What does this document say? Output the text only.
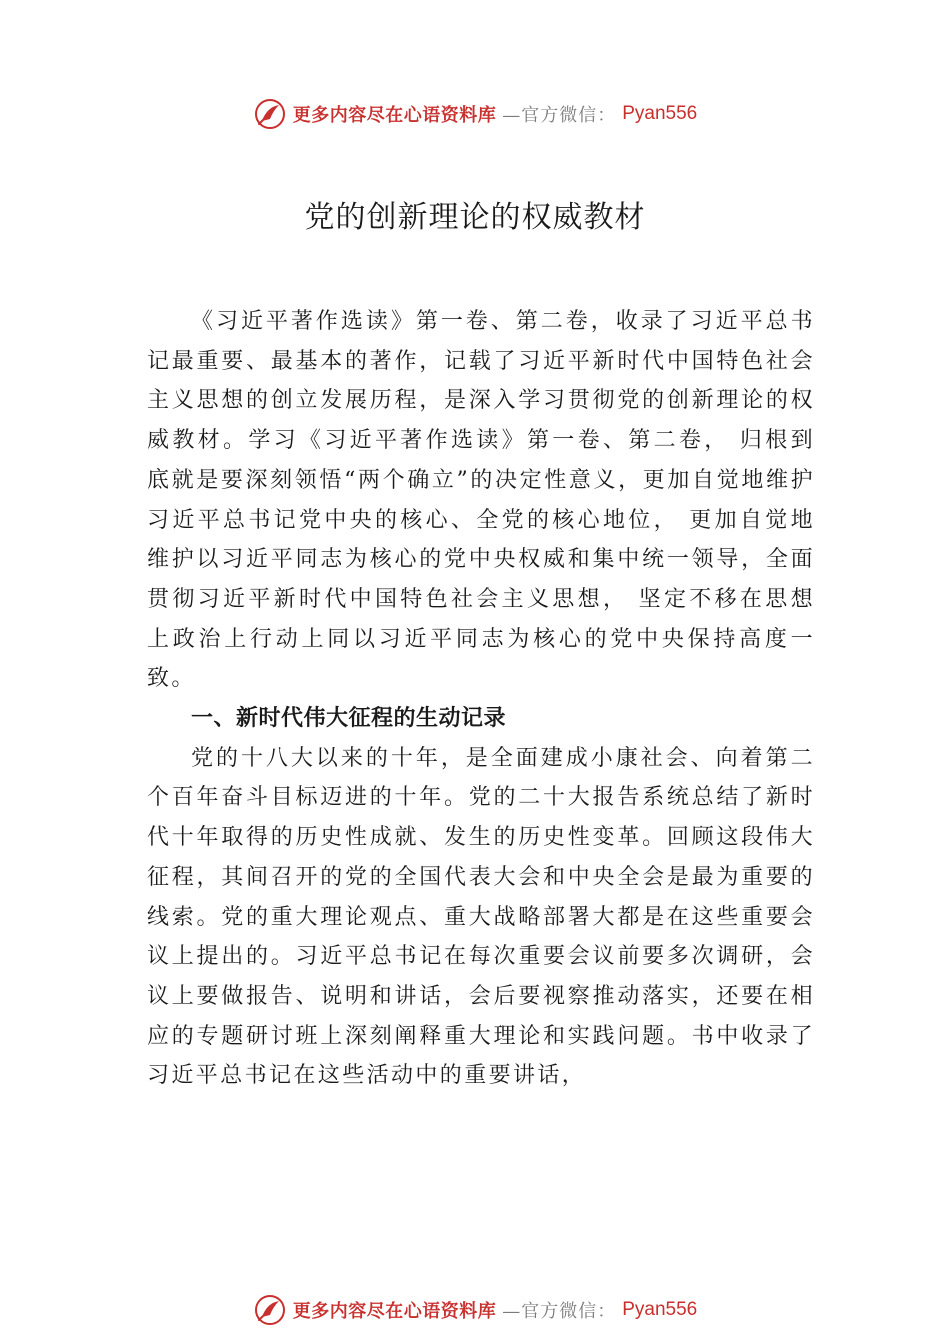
更多内容尽在心语资料库 —官方微信： Pyan556
党的创新理论的权威教材

《习近平著作选读》第一卷、第二卷，收录了习近平总书记最重要、最基本的著作，记载了习近平新时代中国特色社会主义思想的创立发展历程，是深入学习贯彻党的创新理论的权威教材。学习《习近平著作选读》第一卷、第二卷， 归根到底就是要深刻领悟“两个确立”的决定性意义，更加自觉地维护习近平总书记党中央的核心、全党的核心地位， 更加自觉地维护以习近平同志为核心的党中央权威和集中统一领导，全面贯彻习近平新时代中国特色社会主义思想， 坚定不移在思想上政治上行动上同以习近平同志为核心的党中央保持高度一致。

一、新时代伟大征程的生动记录

党的十八大以来的十年，是全面建成小康社会、向着第二个百年奋斗目标迈进的十年。党的二十大报告系统总结了新时代十年取得的历史性成就、发生的历史性变革。回顾这段伟大征程，其间召开的党的全国代表大会和中央全会是最为重要的线索。党的重大理论观点、重大战略部署大都是在这些重要会议上提出的。习近平总书记在每次重要会议前要多次调研，会议上要做报告、说明和讲话，会后要视察推动落实，还要在相应的专题研讨班上深刻阐释重大理论和实践问题。书中收录了习近平总书记在这些活动中的重要讲话，

更多内容尽在心语资料库 —官方微信： Pyan556
